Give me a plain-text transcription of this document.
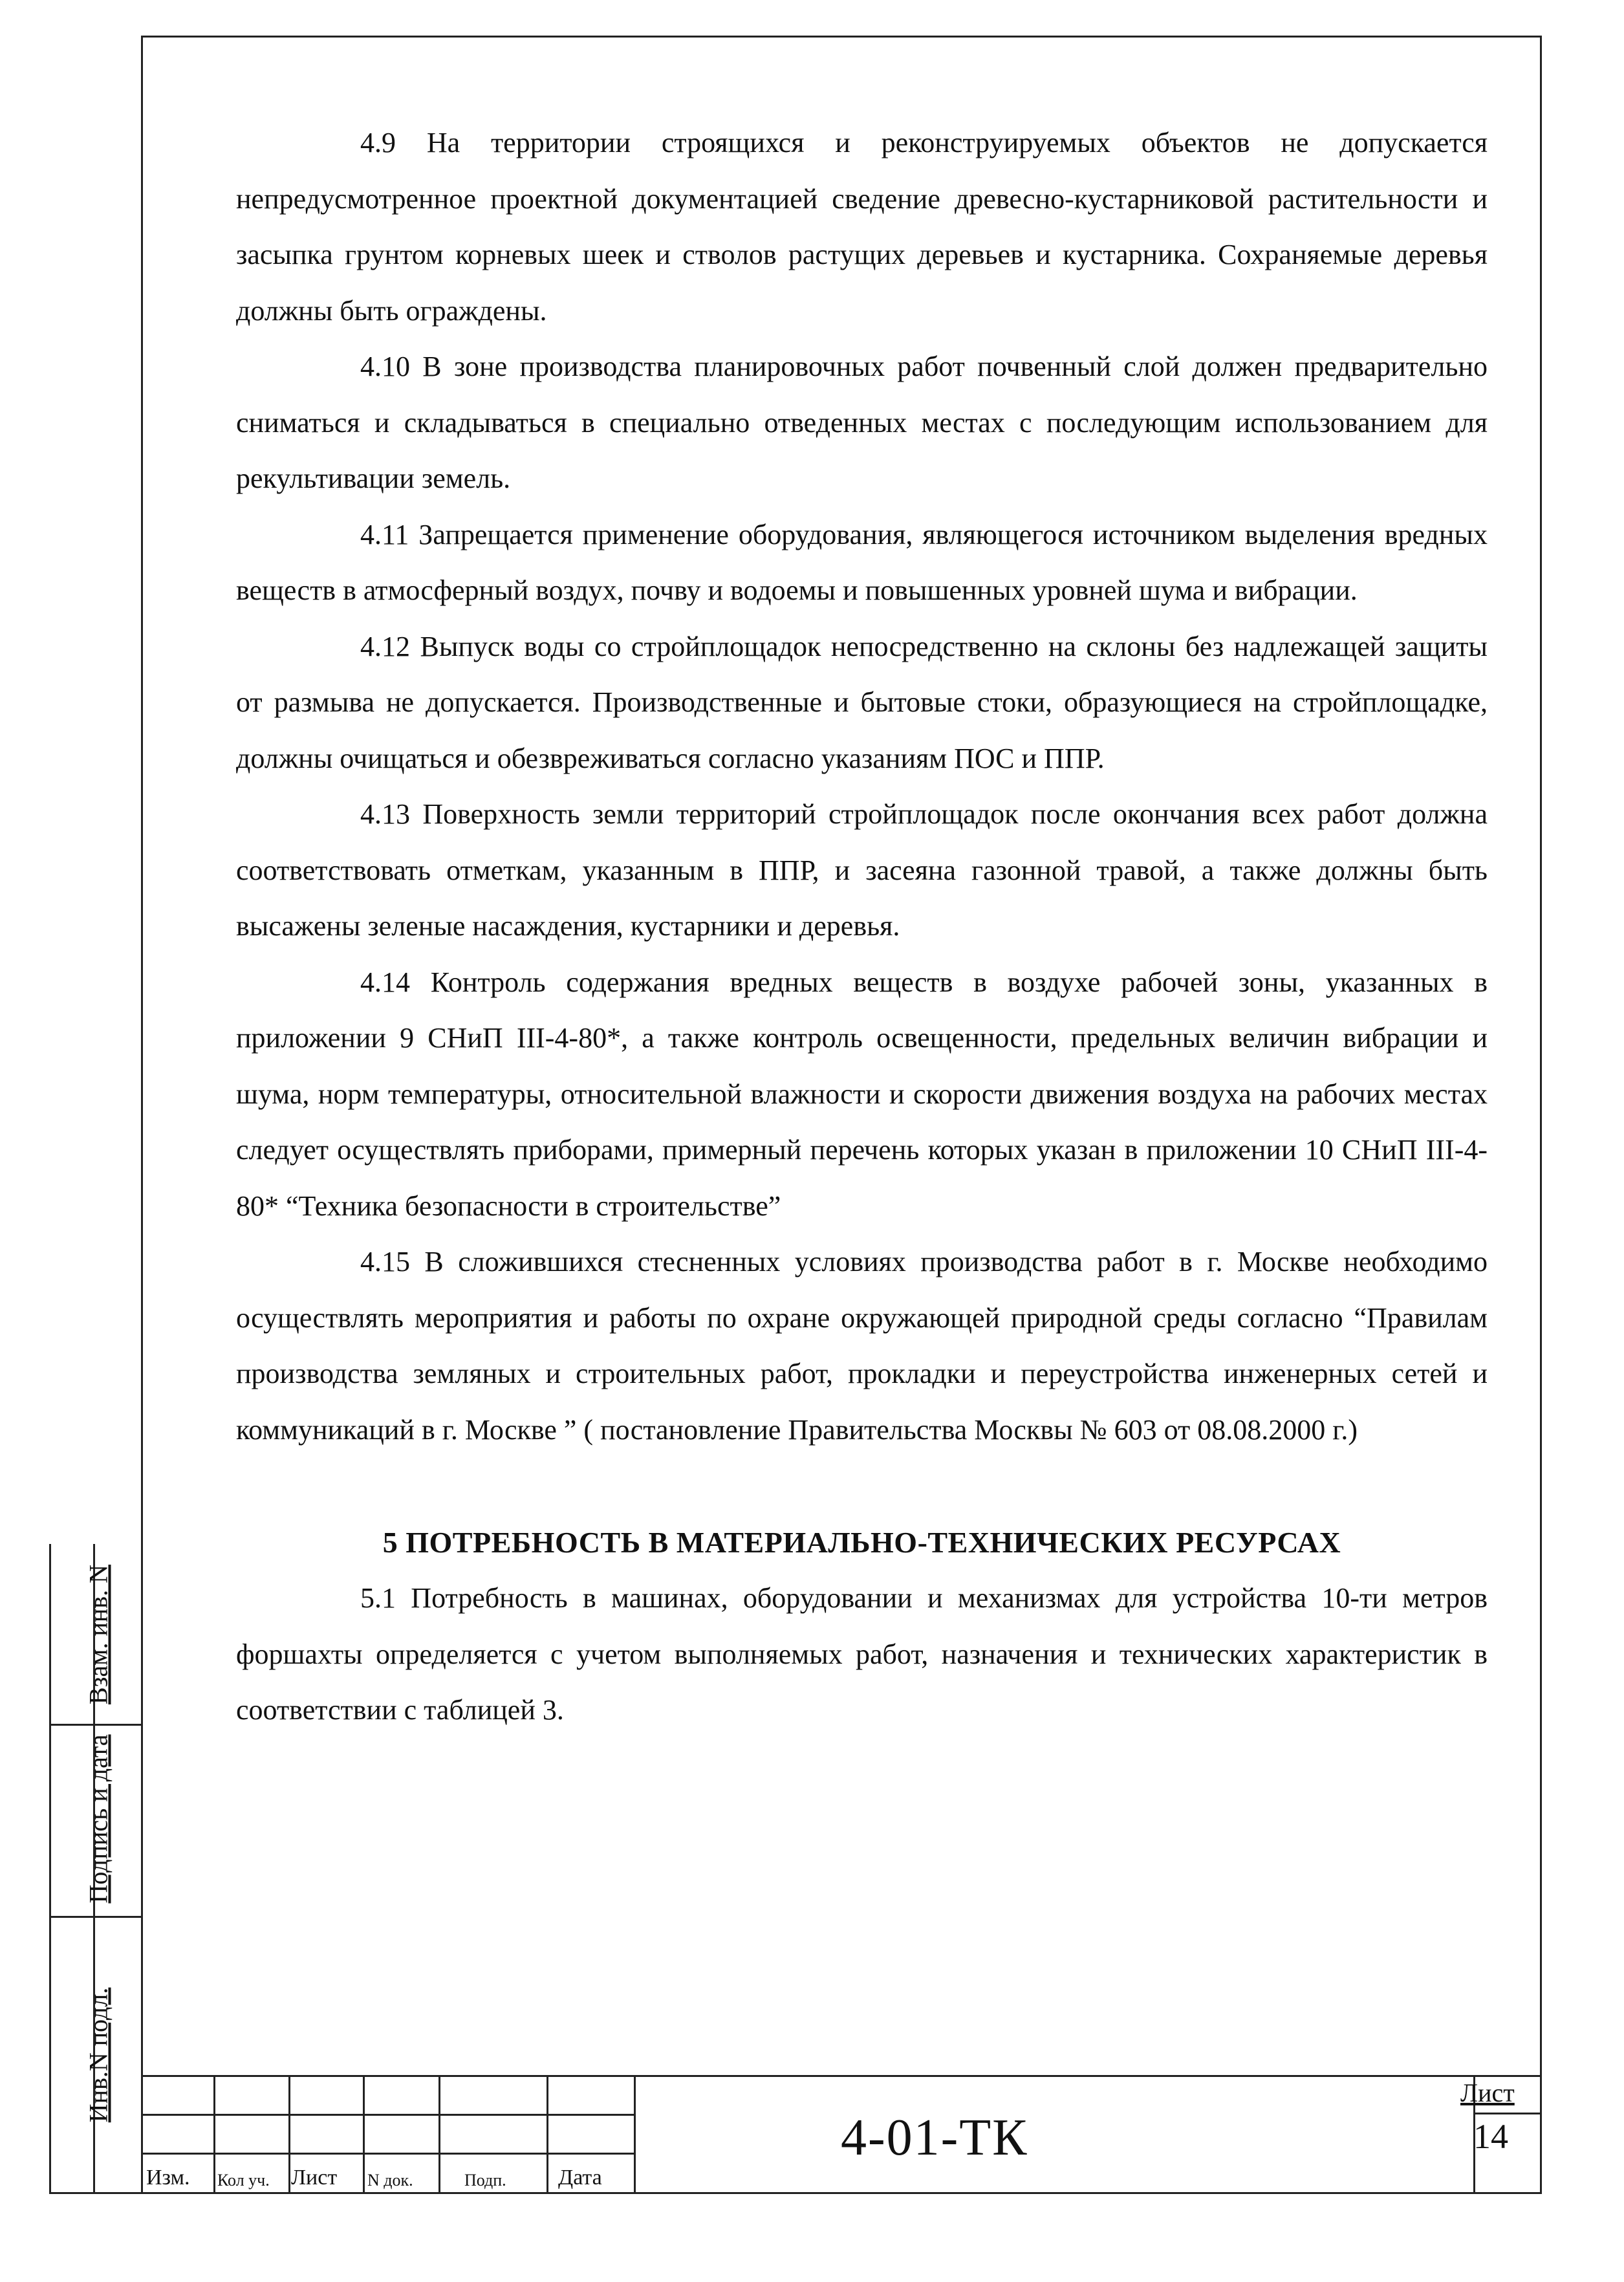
4.9 На территории строящихся и реконструируемых объектов не допускается непредусмотренное проектной документацией сведение древесно-кустарниковой растительности и засыпка грунтом корневых шеек и стволов растущих деревьев и кустарника. Сохраняемые деревья должны быть ограждены.

4.10 В зоне производства планировочных работ почвенный слой должен предварительно сниматься и складываться в специально отведенных местах с последующим использованием для рекультивации земель.

4.11 Запрещается применение оборудования, являющегося источником выделения вредных веществ в атмосферный воздух, почву и водоемы и повышенных уровней шума и вибрации.

4.12 Выпуск воды со стройплощадок непосредственно на склоны без надлежащей защиты от размыва не допускается. Производственные и бытовые стоки, образующиеся на стройплощадке, должны очищаться и обезвреживаться согласно указаниям ПОС и ППР.

4.13 Поверхность земли территорий стройплощадок после окончания всех работ должна соответствовать отметкам, указанным в ППР, и засеяна газонной травой, а также должны быть высажены зеленые насаждения, кустарники и деревья.

4.14 Контроль содержания вредных веществ в воздухе рабочей зоны, указанных в приложении 9 СНиП III-4-80*, а также контроль освещенности, предельных величин вибрации и шума, норм температуры, относительной влажности и скорости движения воздуха на рабочих местах следует осуществлять приборами, примерный перечень которых указан в приложении 10 СНиП III-4-80* “Техника безопасности в строительстве”

4.15 В сложившихся стесненных условиях производства работ в г. Москве необходимо осуществлять мероприятия и работы по охране окружающей природной среды согласно “Правилам производства земляных и строительных работ, прокладки и переустройства инженерных сетей и коммуникаций в г. Москве ” ( постановление Правительства Москвы № 603 от 08.08.2000 г.)

5 ПОТРЕБНОСТЬ В МАТЕРИАЛЬНО-ТЕХНИЧЕСКИХ РЕСУРСАХ

5.1 Потребность в машинах, оборудовании и механизмах для устройства 10-ти метров форшахты определяется с учетом выполняемых работ, назначения и технических характеристик в соответствии с таблицей 3.

Взам. инв. N
Подпись и дата
Инв.N подл.
Изм. Кол уч. Лист N док.	Подп. Дата
4-01-ТК
Лист
14
